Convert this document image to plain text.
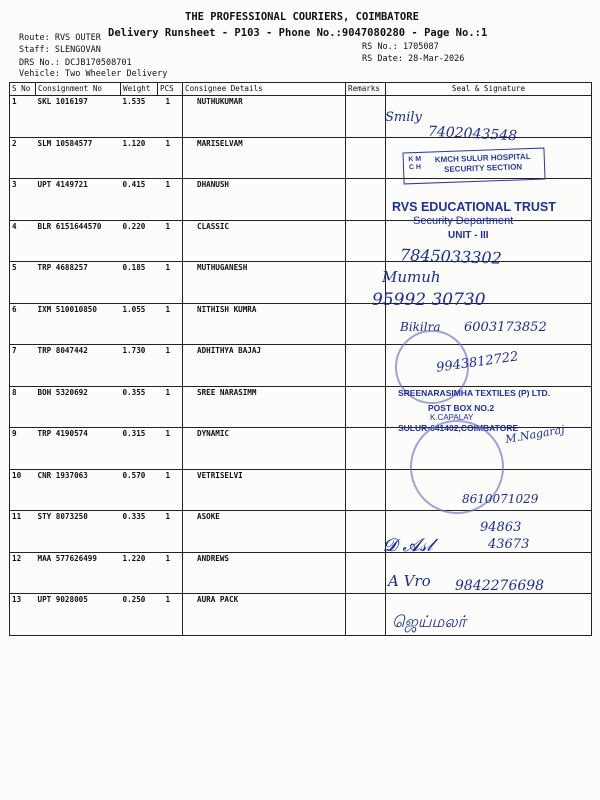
THE PROFESSIONAL COURIERS, COIMBATORE
Delivery Runsheet - P103 - Phone No.:9047080280 - Page No.:1
Route: RVS OUTER
Staff: SLENGOVAN
DRS No.: DCJB170508701
Vehicle: Two Wheeler Delivery
RS No.: 1705087
RS Date: 28-Mar-2026
S No	Consignment No	Weight	PCS	Consignee Details	Remarks	Seal & Signature
1	SKL 1016197	1.535	1	NUTHUKUMAR		
2	SLM 10584577	1.120	1	MARISELVAM		
3	UPT 4149721	0.415	1	DHANUSH		
4	BLR 6151644570	0.220	1	CLASSIC		
5	TRP 4688257	0.185	1	MUTHUGANESH		
6	IXM 510010850	1.055	1	NITHISH KUMRA		
7	TRP 8047442	1.730	1	ADHITHYA BAJAJ		
8	BOH 5320692	0.355	1	SREE NARASIMM		
9	TRP 4190574	0.315	1	DYNAMIC		
10	CNR 1937063	0.570	1	VETRISELVI		
11	STY 8073250	0.335	1	ASOKE		
12	MAA 577626499	1.220	1	ANDREWS		
13	UPT 9028005	0.250	1	AURA PACK		
Smily
7402043548
K M C H
KMCH SULUR HOSPITAL
SECURITY SECTION
RVS EDUCATIONAL TRUST
Security Department
UNIT - III
7845033302
Mumuh
95992 30730
Bikilra 6003173852
9943812722
SREENARASIMHA TEXTILES (P) LTD.
POST BOX NO.2
K.CAPALAY
SULUR-641402,COIMBATORE
M.Nagaraj
8610071029
𝓓 𝓐𝓈𝓁
94863
43673
A Vro 9842276698
ஜெய்மலர்
